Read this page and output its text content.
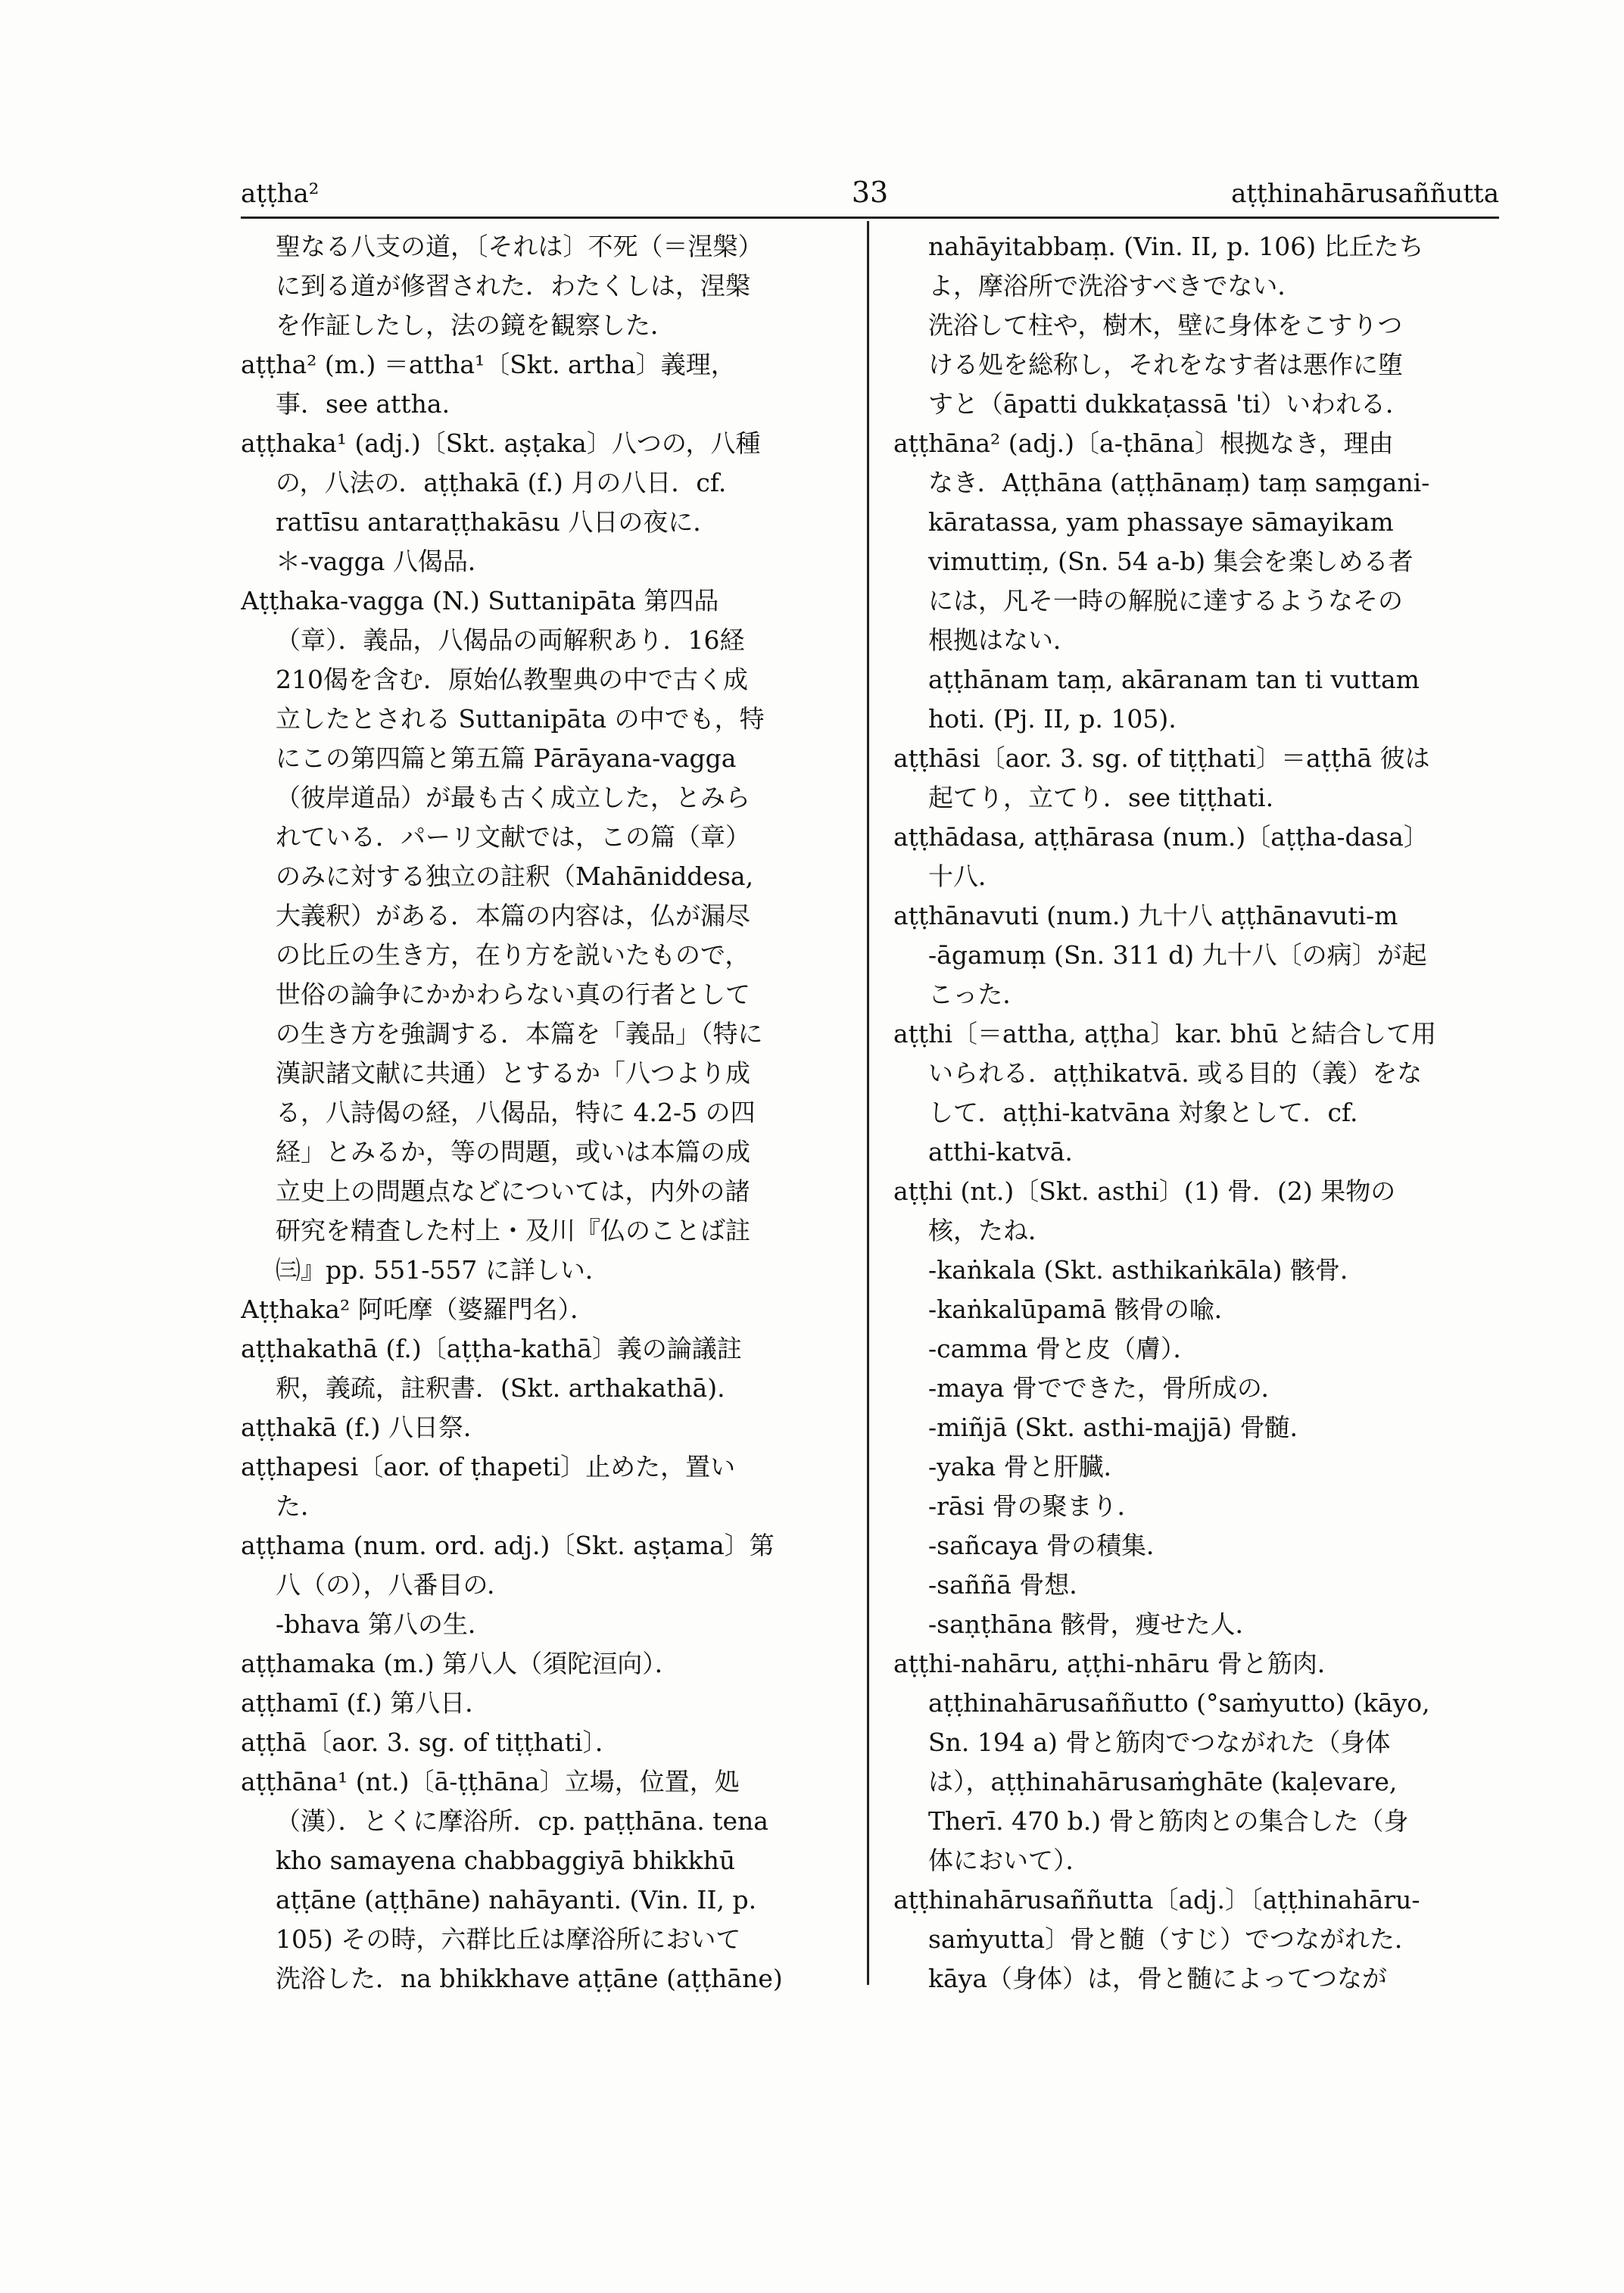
aṭṭha²	33	aṭṭhinahārusaññutta
聖なる八支の道，〔それは〕不死（＝涅槃）
に到る道が修習された．わたくしは，涅槃
を作証したし，法の鏡を観察した．
aṭṭha² (m.) ＝attha¹〔Skt. artha〕義理，
事．see attha.
aṭṭhaka¹ (adj.)〔Skt. aṣṭaka〕八つの，八種
の，八法の．aṭṭhakā (f.) 月の八日．cf.
rattīsu antaraṭṭhakāsu 八日の夜に．
＊-vagga 八偈品．
Aṭṭhaka-vagga (N.) Suttanipāta 第四品
（章）．義品，八偈品の両解釈あり．16経
210偈を含む．原始仏教聖典の中で古く成
立したとされる Suttanipāta の中でも，特
にこの第四篇と第五篇 Pārāyana-vagga
（彼岸道品）が最も古く成立した，とみら
れている．パーリ文献では，この篇（章）
のみに対する独立の註釈（Mahāniddesa,
大義釈）がある．本篇の内容は，仏が漏尽
の比丘の生き方，在り方を説いたもので，
世俗の論争にかかわらない真の行者として
の生き方を強調する．本篇を「義品」（特に
漢訳諸文献に共通）とするか「八つより成
る，八詩偈の経，八偈品，特に 4.2-5 の四
経」とみるか，等の問題，或いは本篇の成
立史上の問題点などについては，内外の諸
研究を精査した村上・及川『仏のことば註
㈢』pp. 551-557 に詳しい．
Aṭṭhaka² 阿吒摩（婆羅門名）．
aṭṭhakathā (f.)〔aṭṭha-kathā〕義の論議註
釈，義疏，註釈書．(Skt. arthakathā).
aṭṭhakā (f.) 八日祭．
aṭṭhapesi〔aor. of ṭhapeti〕止めた，置い
た．
aṭṭhama (num. ord. adj.)〔Skt. aṣṭama〕第
八（の），八番目の．
-bhava 第八の生．
aṭṭhamaka (m.) 第八人（須陀洹向）．
aṭṭhamī (f.) 第八日．
aṭṭhā〔aor. 3. sg. of tiṭṭhati〕．
aṭṭhāna¹ (nt.)〔ā-ṭṭhāna〕立場，位置，処
（漢）．とくに摩浴所．cp. paṭṭhāna. tena
kho samayena chabbaggiyā bhikkhū
aṭṭāne (aṭṭhāne) nahāyanti. (Vin. II, p.
105) その時，六群比丘は摩浴所において
洗浴した．na bhikkhave aṭṭāne (aṭṭhāne)
nahāyitabbaṃ. (Vin. II, p. 106) 比丘たち
よ，摩浴所で洗浴すべきでない．
洗浴して柱や，樹木，壁に身体をこすりつ
ける処を総称し，それをなす者は悪作に堕
すと（āpatti dukkaṭassā 'ti）いわれる．
aṭṭhāna² (adj.)〔a-ṭhāna〕根拠なき，理由
なき．Aṭṭhāna (aṭṭhānaṃ) taṃ saṃgani-
kāratassa, yam phassaye sāmayikam
vimuttiṃ, (Sn. 54 a-b) 集会を楽しめる者
には，凡そ一時の解脱に達するようなその
根拠はない．
aṭṭhānam taṃ, akāranam tan ti vuttam
hoti. (Pj. II, p. 105).
aṭṭhāsi〔aor. 3. sg. of tiṭṭhati〕＝aṭṭhā 彼は
起てり，立てり．see tiṭṭhati.
aṭṭhādasa, aṭṭhārasa (num.)〔aṭṭha-dasa〕
十八．
aṭṭhānavuti (num.) 九十八 aṭṭhānavuti-m
-āgamuṃ (Sn. 311 d) 九十八〔の病〕が起
こった．
aṭṭhi〔＝attha, aṭṭha〕kar. bhū と結合して用
いられる．aṭṭhikatvā. 或る目的（義）をな
して．aṭṭhi-katvāna 対象として．cf.
atthi-katvā.
aṭṭhi (nt.)〔Skt. asthi〕(1) 骨．(2) 果物の
核，たね．
-kaṅkala (Skt. asthikaṅkāla) 骸骨．
-kaṅkalūpamā 骸骨の喩．
-camma 骨と皮（膚）．
-maya 骨でできた，骨所成の．
-miñjā (Skt. asthi-majjā) 骨髄．
-yaka 骨と肝臓．
-rāsi 骨の聚まり．
-sañcaya 骨の積集．
-saññā 骨想．
-saṇṭhāna 骸骨，痩せた人．
aṭṭhi-nahāru, aṭṭhi-nhāru 骨と筋肉．
aṭṭhinahārusaññutto (°saṁyutto) (kāyo,
Sn. 194 a) 骨と筋肉でつながれた（身体
は），aṭṭhinahārusaṁghāte (kaḷevare,
Therī. 470 b.) 骨と筋肉との集合した（身
体において）．
aṭṭhinahārusaññutta〔adj.〕〔aṭṭhinahāru-
saṁyutta〕骨と髄（すじ）でつながれた．
kāya（身体）は，骨と髄によってつなが
